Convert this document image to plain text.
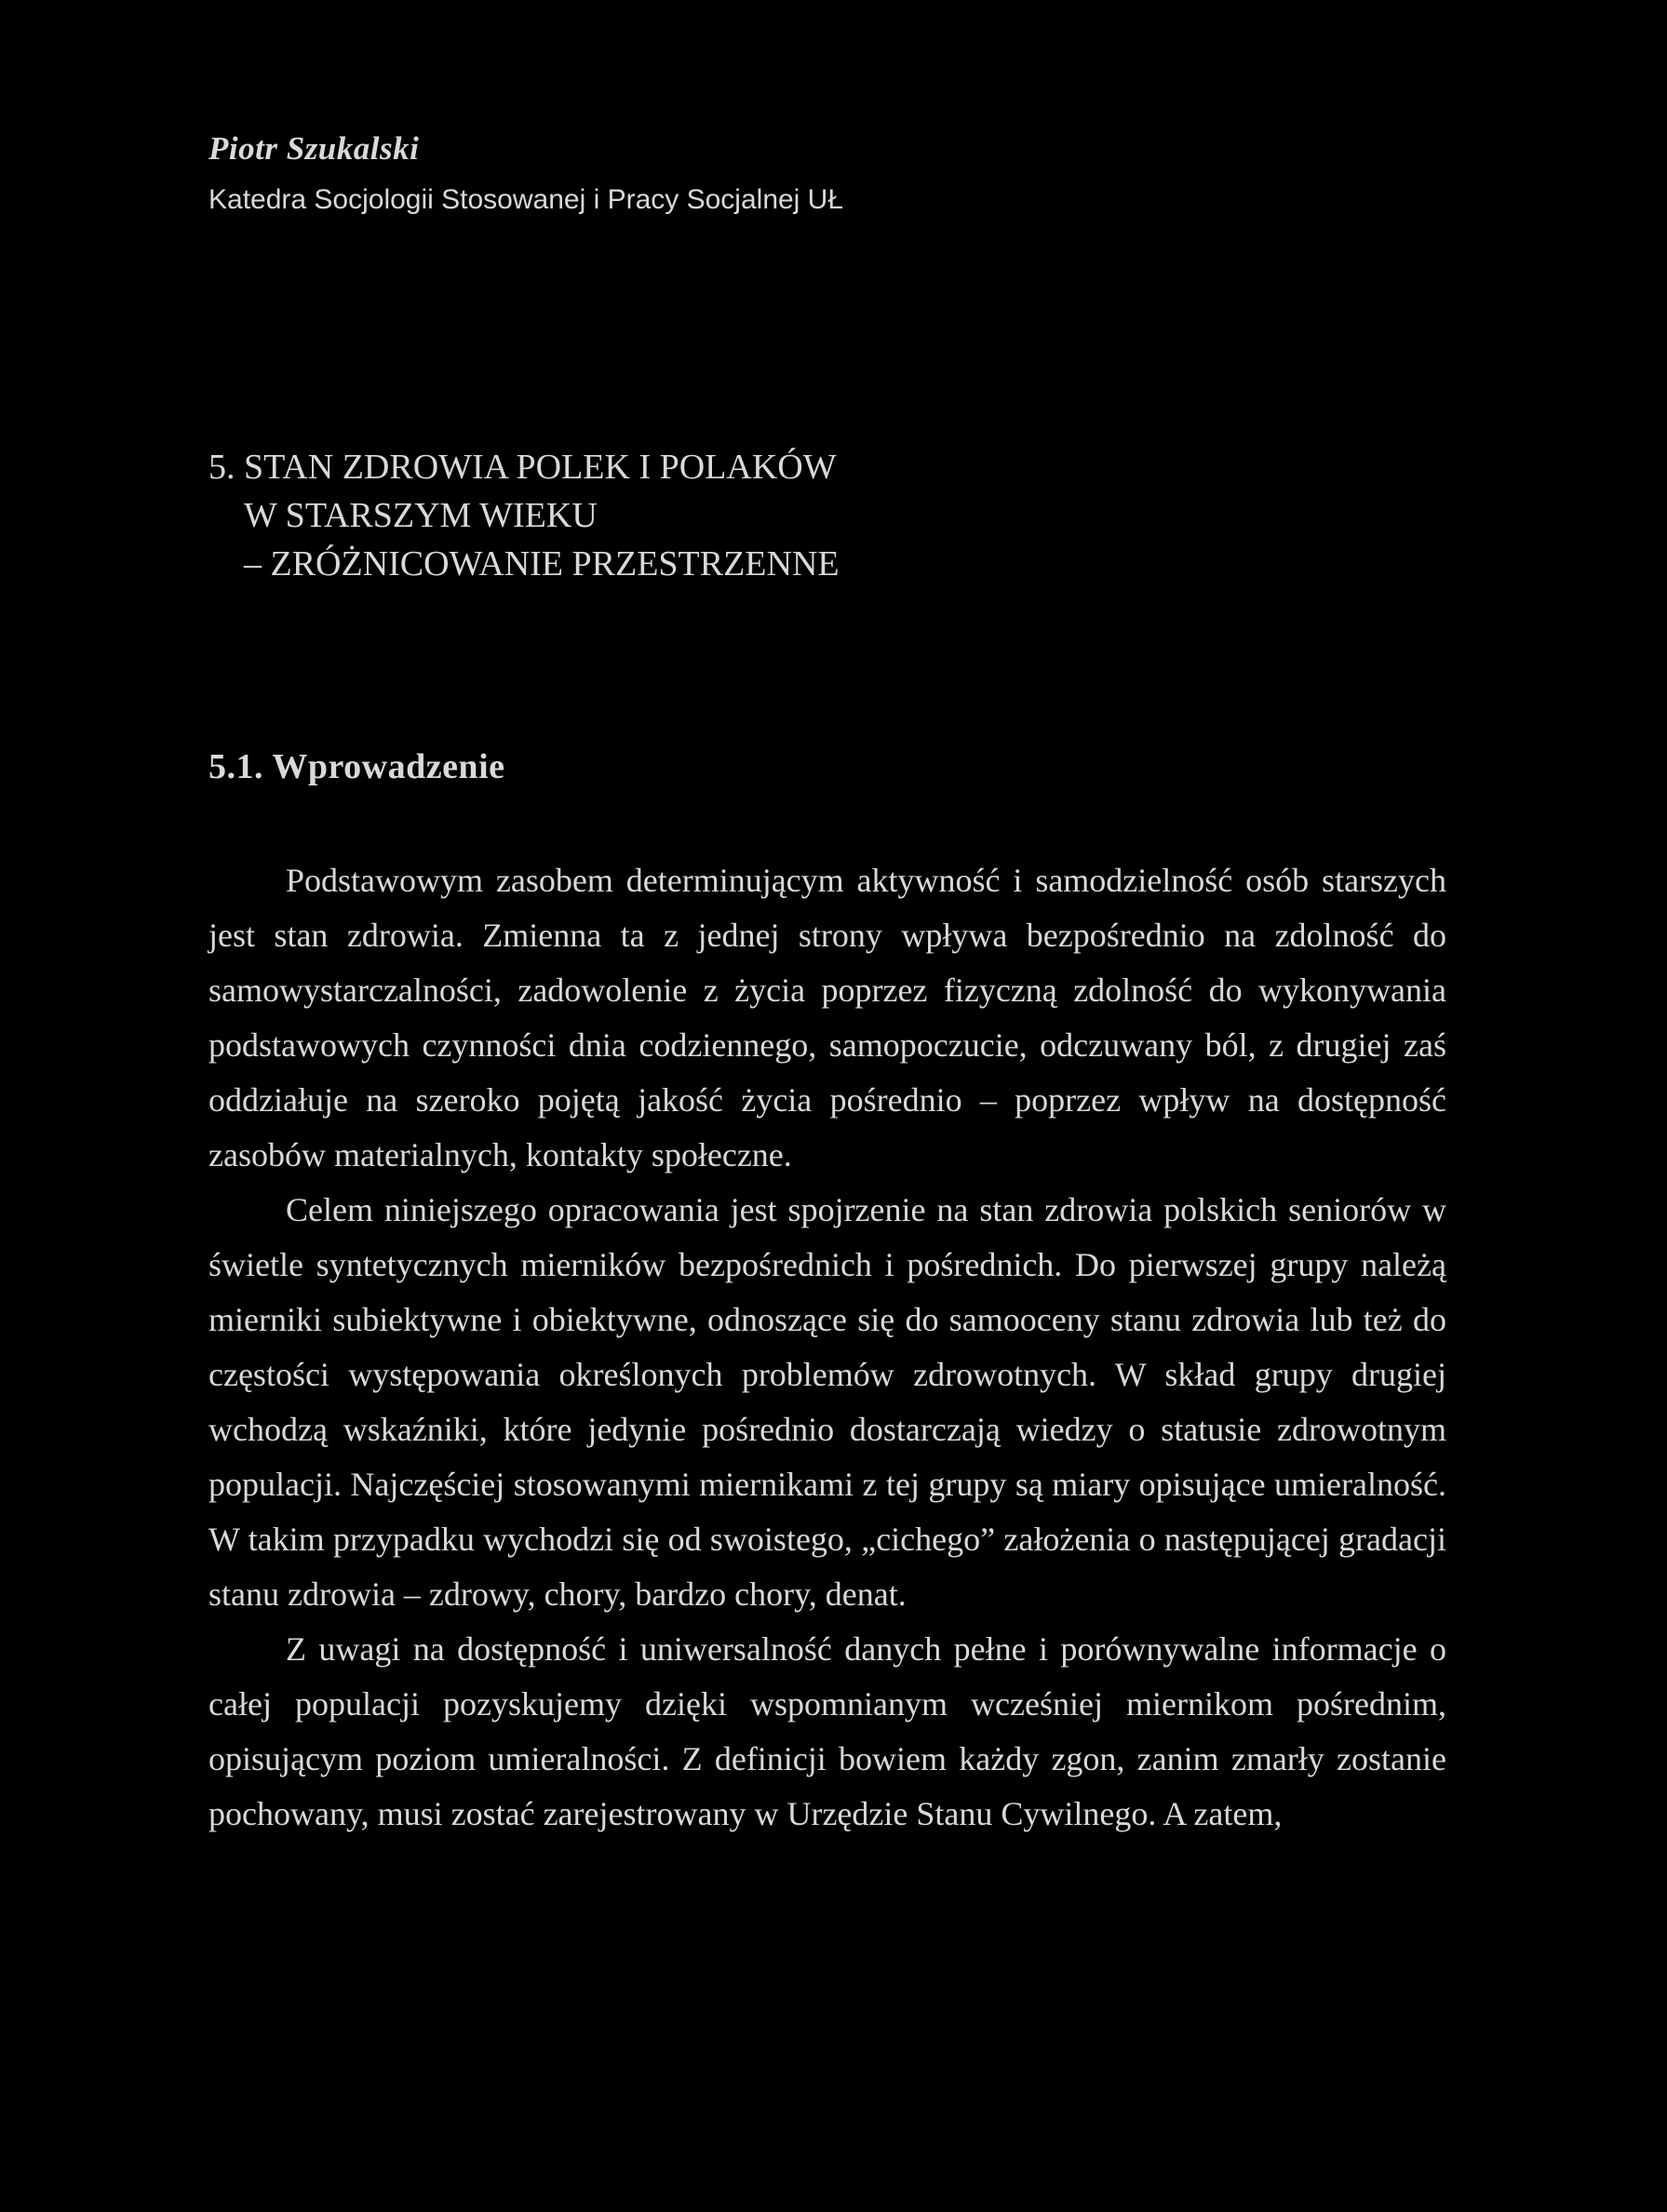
Piotr Szukalski
Katedra Socjologii Stosowanej i Pracy Socjalnej UŁ
5. STAN ZDROWIA POLEK I POLAKÓW
W STARSZYM WIEKU
– ZRÓŻNICOWANIE PRZESTRZENNE
5.1. Wprowadzenie

Podstawowym zasobem determinującym aktywność i samodzielność osób starszych jest stan zdrowia. Zmienna ta z jednej strony wpływa bezpośrednio na zdolność do samowystarczalności, zadowolenie z życia poprzez fizyczną zdolność do wykonywania podstawowych czynności dnia codziennego, samopoczucie, odczuwany ból, z drugiej zaś oddziałuje na szeroko pojętą jakość życia pośrednio – poprzez wpływ na dostępność zasobów materialnych, kontakty społeczne.

Celem niniejszego opracowania jest spojrzenie na stan zdrowia polskich seniorów w świetle syntetycznych mierników bezpośrednich i pośrednich. Do pierwszej grupy należą mierniki subiektywne i obiektywne, odnoszące się do samooceny stanu zdrowia lub też do częstości występowania określonych problemów zdrowotnych. W skład grupy drugiej wchodzą wskaźniki, które jedynie pośrednio dostarczają wiedzy o statusie zdrowotnym populacji. Najczęściej stosowanymi miernikami z tej grupy są miary opisujące umieralność. W takim przypadku wychodzi się od swoistego, „cichego” założenia o następującej gradacji stanu zdrowia – zdrowy, chory, bardzo chory, denat.

Z uwagi na dostępność i uniwersalność danych pełne i porównywalne informacje o całej populacji pozyskujemy dzięki wspomnianym wcześniej miernikom pośrednim, opisującym poziom umieralności. Z definicji bowiem każdy zgon, zanim zmarły zostanie pochowany, musi zostać zarejestrowany w Urzędzie Stanu Cywilnego. A zatem,
